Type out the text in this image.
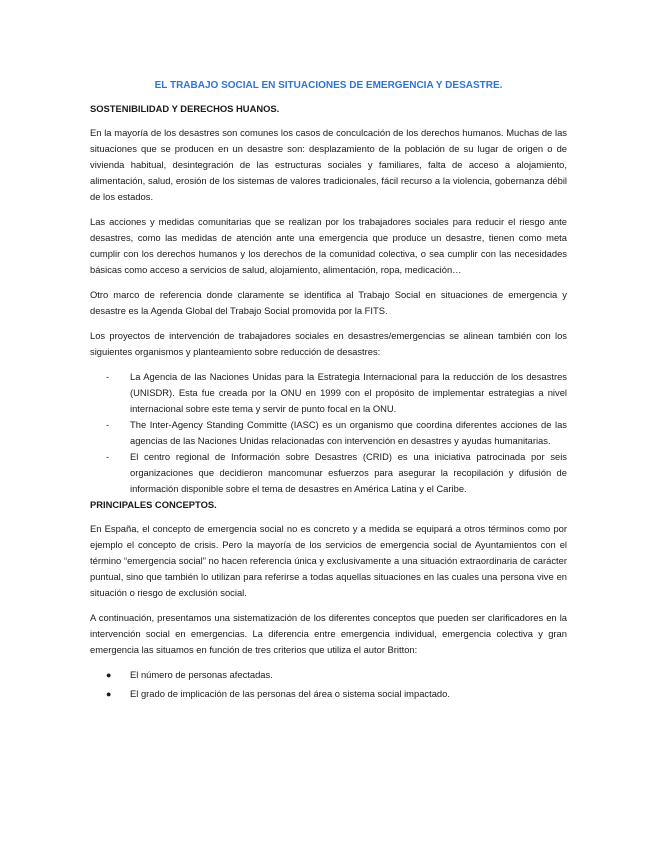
EL TRABAJO SOCIAL EN SITUACIONES DE EMERGENCIA Y DESASTRE.
SOSTENIBILIDAD Y DERECHOS HUANOS.

En la mayoría de los desastres son comunes los casos de conculcación de los derechos humanos. Muchas de las situaciones que se producen en un desastre son: desplazamiento de la población de su lugar de origen o de vivienda habitual, desintegración de las estructuras sociales y familiares, falta de acceso a alojamiento, alimentación, salud, erosión de los sistemas de valores tradicionales, fácil recurso a la violencia, gobernanza débil de los estados.

Las acciones y medidas comunitarias que se realizan por los trabajadores sociales para reducir el riesgo ante desastres, como las medidas de atención ante una emergencia que produce un desastre, tienen como meta cumplir con los derechos humanos y los derechos de la comunidad colectiva, o sea cumplir con las necesidades básicas como acceso a servicios de salud, alojamiento, alimentación, ropa, medicación…

Otro marco de referencia donde claramente se identifica al Trabajo Social en situaciones de emergencia y desastre es la Agenda Global del Trabajo Social promovida por la FITS.

Los proyectos de intervención de trabajadores sociales en desastres/emergencias se alinean también con los siguientes organismos y planteamiento sobre reducción de desastres:

- La Agencia de las Naciones Unidas para la Estrategia Internacional para la reducción de los desastres (UNISDR). Esta fue creada por la ONU en 1999 con el propósito de implementar estrategias a nivel internacional sobre este tema y servir de punto focal en la ONU.
- The Inter-Agency Standing Committe (IASC) es un organismo que coordina diferentes acciones de las agencias de las Naciones Unidas relacionadas con intervención en desastres y ayudas humanitarias.
- El centro regional de Información sobre Desastres (CRID) es una iniciativa patrocinada por seis organizaciones que decidieron mancomunar esfuerzos para asegurar la recopilación y difusión de información disponible sobre el tema de desastres en América Latina y el Caribe.
PRINCIPALES CONCEPTOS.

En España, el concepto de emergencia social no es concreto y a medida se equipará a otros términos como por ejemplo el concepto de crisis. Pero la mayoría de los servicios de emergencia social de Ayuntamientos con el término “emergencia social” no hacen referencia única y exclusivamente a una situación extraordinaria de carácter puntual, sino que también lo utilizan para referirse a todas aquellas situaciones en las cuales una persona vive en situación o riesgo de exclusión social.

A continuación, presentamos una sistematización de los diferentes conceptos que pueden ser clarificadores en la intervención social en emergencias. La diferencia entre emergencia individual, emergencia colectiva y gran emergencia las situamos en función de tres criterios que utiliza el autor Britton:

● El número de personas afectadas.
● El grado de implicación de las personas del área o sistema social impactado.
